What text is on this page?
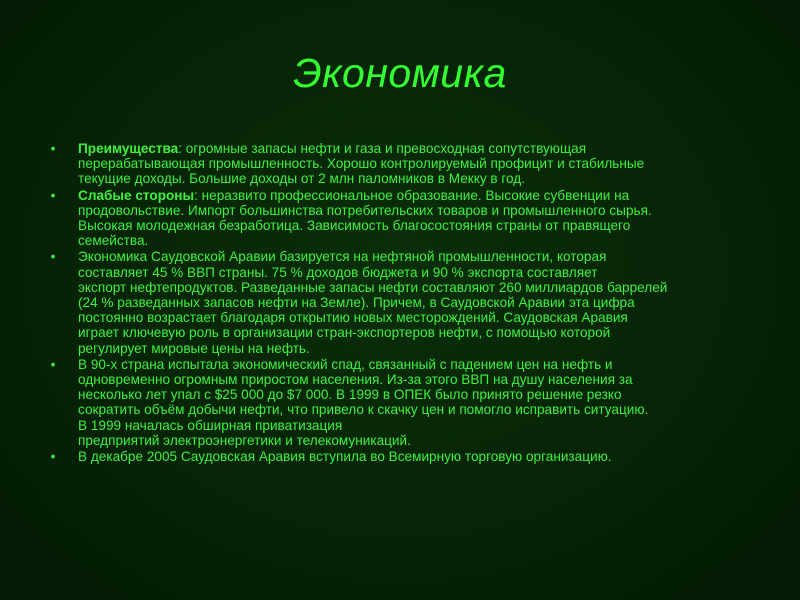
Экономика
• Преимущества: огромные запасы нефти и газа и превосходная сопутствующая
перерабатывающая промышленность. Хорошо контролируемый профицит и стабильные
текущие доходы. Большие доходы от 2 млн паломников в Мекку в год.
• Слабые стороны: неразвито профессиональное образование. Высокие субвенции на
продовольствие. Импорт большинства потребительских товаров и промышленного сырья.
Высокая молодежная безработица. Зависимость благосостояния страны от правящего
семейства.
• Экономика Саудовской Аравии базируется на нефтяной промышленности, которая
составляет 45 % ВВП страны. 75 % доходов бюджета и 90 % экспорта составляет
экспорт нефтепродуктов. Разведанные запасы нефти составляют 260 миллиардов баррелей
(24 % разведанных запасов нефти на Земле). Причем, в Саудовской Аравии эта цифра
постоянно возрастает благодаря открытию новых месторождений. Саудовская Аравия
играет ключевую роль в организации стран-экспортеров нефти, с помощью которой
регулирует мировые цены на нефть.
• В 90-х страна испытала экономический спад, связанный с падением цен на нефть и
одновременно огромным приростом населения. Из-за этого ВВП на душу населения за
несколько лет упал с $25 000 до $7 000. В 1999 в ОПЕК было принято решение резко
сократить объём добычи нефти, что привело к скачку цен и помогло исправить ситуацию.
В 1999 началась обширная приватизация
предприятий электроэнергетики и телекомуникаций.
• В декабре 2005 Саудовская Аравия вступила во Всемирную торговую организацию.
